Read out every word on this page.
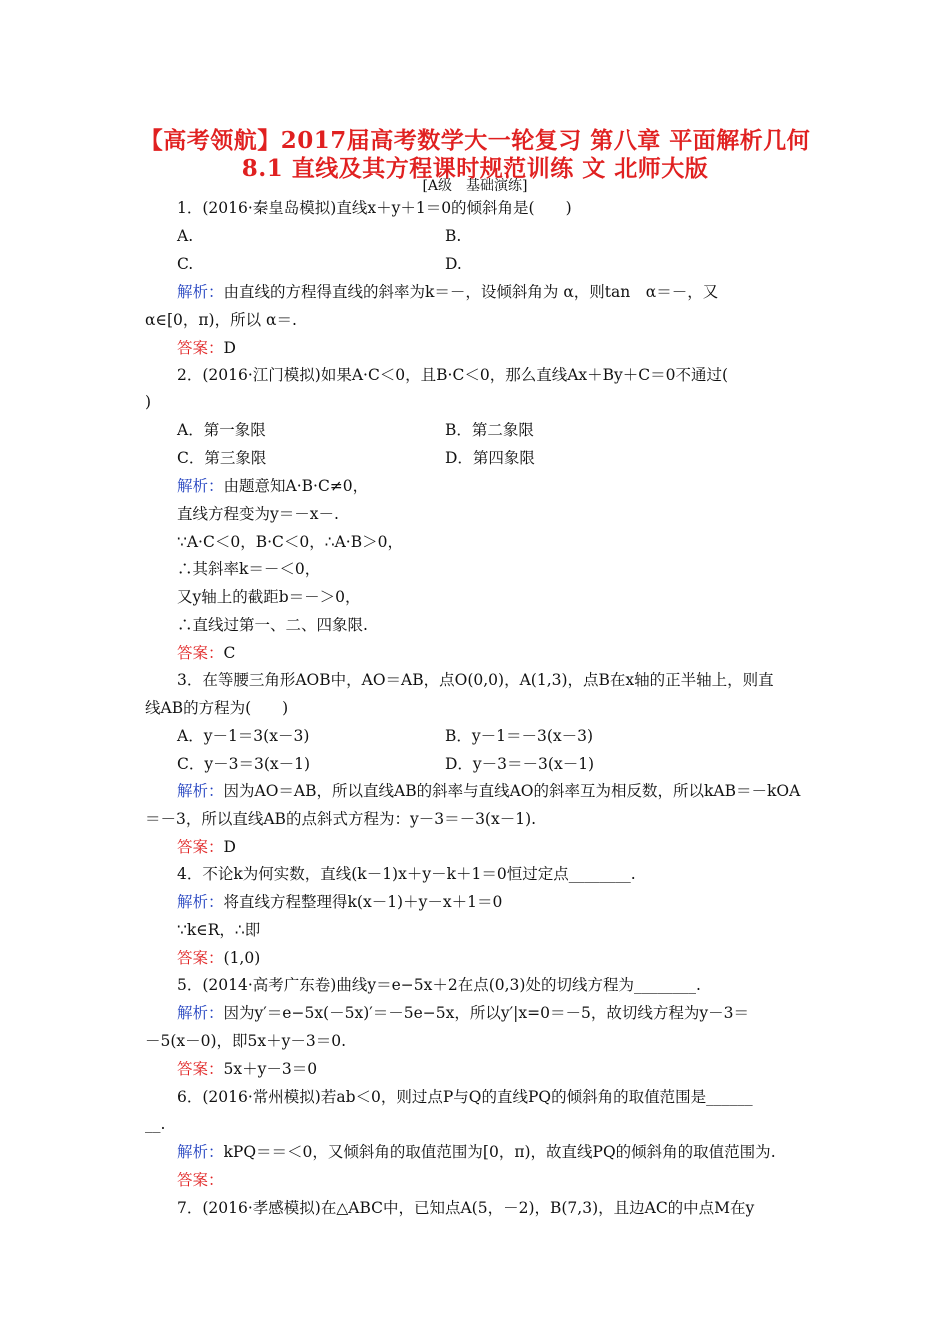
【高考领航】2017届高考数学大一轮复习 第八章 平面解析几何
8.1 直线及其方程课时规范训练 文 北师大版
[A级　基础演练]
1．(2016·秦皇岛模拟)直线x＋y＋1＝0的倾斜角是(　　)
A.	B.
C.	D.
解析：由直线的方程得直线的斜率为k＝－，设倾斜角为 α，则tan　α＝－，又
α∈[0，π)，所以 α＝.
答案：D
2．(2016·江门模拟)如果A·C＜0，且B·C＜0，那么直线Ax＋By＋C＝0不通过(
)
A．第一象限	B．第二象限
C．第三象限	D．第四象限
解析：由题意知A·B·C≠0，
直线方程变为y＝－x－.
∵A·C＜0，B·C＜0，∴A·B＞0，
∴其斜率k＝－＜0，
又y轴上的截距b＝－＞0，
∴直线过第一、二、四象限.
答案：C
3．在等腰三角形AOB中，AO＝AB，点O(0,0)，A(1,3)，点B在x轴的正半轴上，则直
线AB的方程为(　　)
A．y－1＝3(x－3)	B．y－1＝－3(x－3)
C．y－3＝3(x－1)	D．y－3＝－3(x－1)
解析：因为AO＝AB，所以直线AB的斜率与直线AO的斜率互为相反数，所以kAB＝－kOA
＝－3，所以直线AB的点斜式方程为：y－3＝－3(x－1).
答案：D
4．不论k为何实数，直线(k－1)x＋y－k＋1＝0恒过定点________.
解析：将直线方程整理得k(x－1)＋y－x＋1＝0
∵k∈R，∴即
答案：(1,0)
5．(2014·高考广东卷)曲线y＝e−5x＋2在点(0,3)处的切线方程为________.
解析：因为y′＝e−5x(－5x)′＝－5e−5x，所以y′|x=0＝－5，故切线方程为y－3＝
－5(x－0)，即5x＋y－3＝0.
答案：5x＋y－3＝0
6．(2016·常州模拟)若ab＜0，则过点P与Q的直线PQ的倾斜角的取值范围是______
__.
解析：kPQ＝＝＜0，又倾斜角的取值范围为[0，π)，故直线PQ的倾斜角的取值范围为.
答案：
7．(2016·孝感模拟)在△ABC中，已知点A(5，－2)，B(7,3)，且边AC的中点M在y
